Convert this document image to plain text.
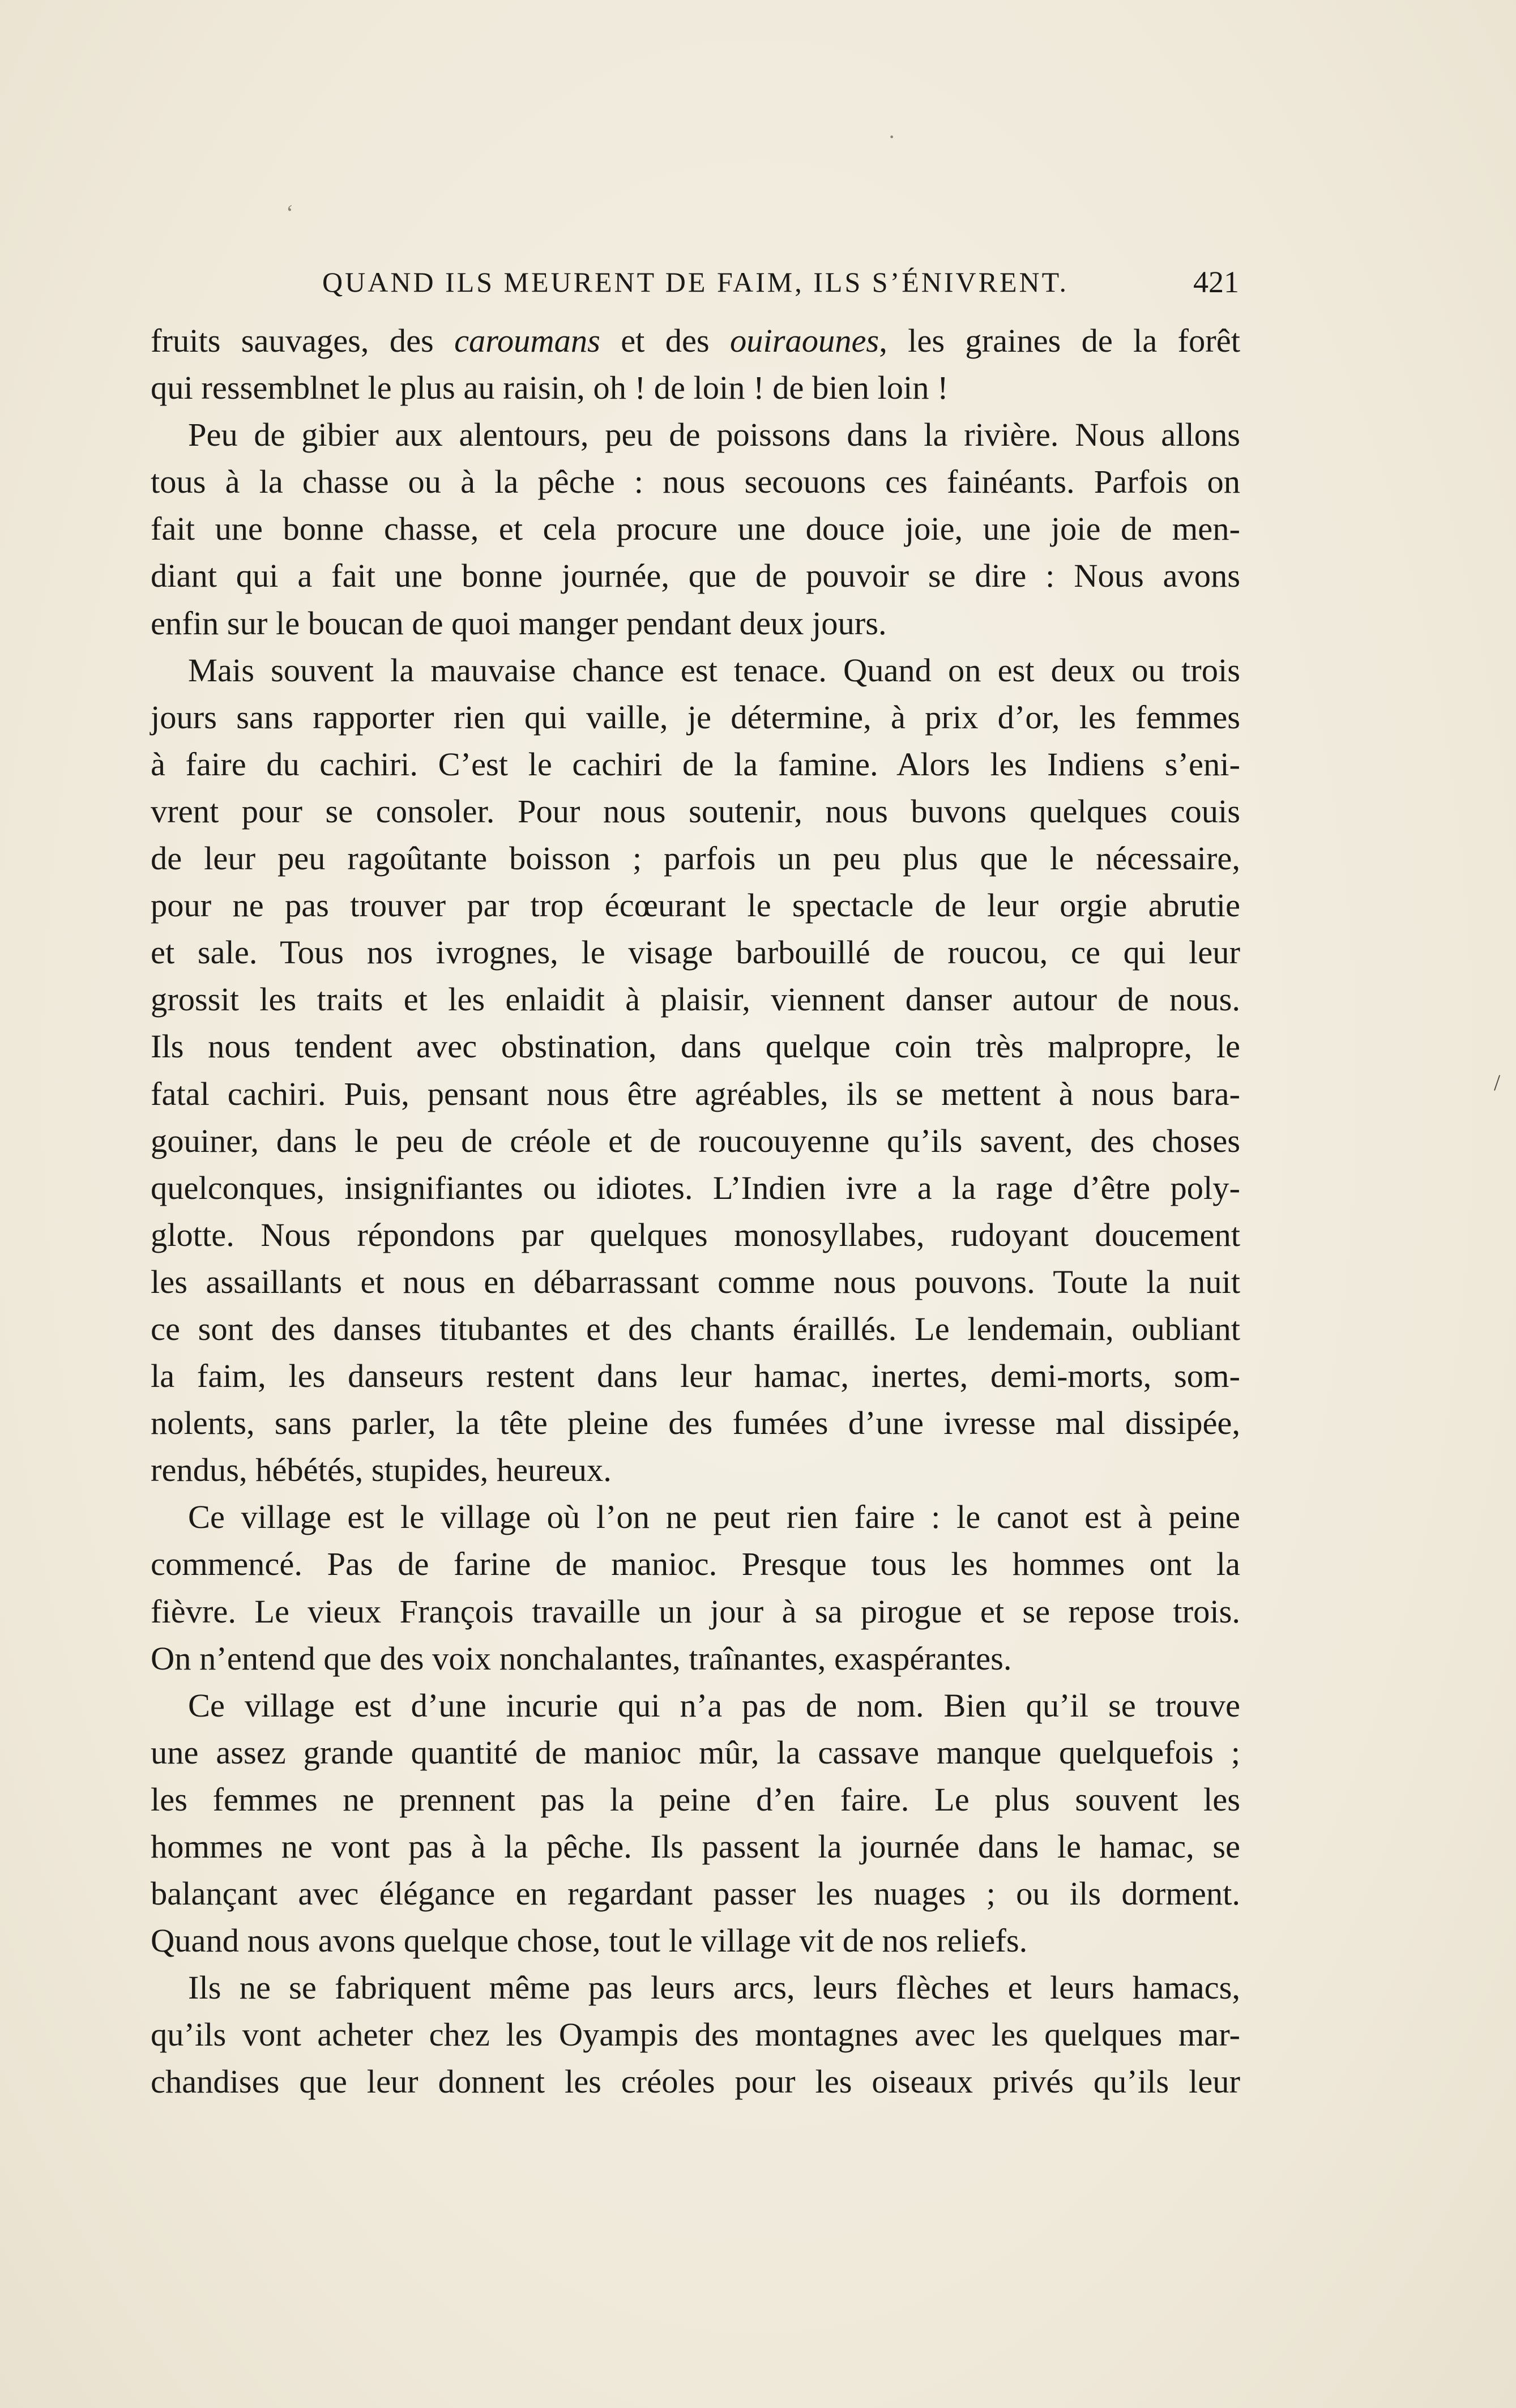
·
‘
/
QUAND ILS MEURENT DE FAIM, ILS S’ÉNIVRENT.	421

fruits sauvages, des caroumans et des ouiraounes, les graines de la forêt

qui ressemblnet le plus au raisin, oh ! de loin ! de bien loin !

Peu de gibier aux alentours, peu de poissons dans la rivière. Nous allons
tous à la chasse ou à la pêche : nous secouons ces fainéants. Parfois on
fait une bonne chasse, et cela procure une douce joie, une joie de men-
diant qui a fait une bonne journée, que de pouvoir se dire : Nous avons

enfin sur le boucan de quoi manger pendant deux jours.

Mais souvent la mauvaise chance est tenace. Quand on est deux ou trois
jours sans rapporter rien qui vaille, je détermine, à prix d’or, les femmes
à faire du cachiri. C’est le cachiri de la famine. Alors les Indiens s’eni-
vrent pour se consoler. Pour nous soutenir, nous buvons quelques couis
de leur peu ragoûtante boisson ; parfois un peu plus que le nécessaire,
pour ne pas trouver par trop écœurant le spectacle de leur orgie abrutie
et sale. Tous nos ivrognes, le visage barbouillé de roucou, ce qui leur
grossit les traits et les enlaidit à plaisir, viennent danser autour de nous.
Ils nous tendent avec obstination, dans quelque coin très malpropre, le
fatal cachiri. Puis, pensant nous être agréables, ils se mettent à nous bara-
gouiner, dans le peu de créole et de roucouyenne qu’ils savent, des choses
quelconques, insignifiantes ou idiotes. L’Indien ivre a la rage d’être poly-
glotte. Nous répondons par quelques monosyllabes, rudoyant doucement
les assaillants et nous en débarrassant comme nous pouvons. Toute la nuit
ce sont des danses titubantes et des chants éraillés. Le lendemain, oubliant
la faim, les danseurs restent dans leur hamac, inertes, demi-morts, som-
nolents, sans parler, la tête pleine des fumées d’une ivresse mal dissipée,

rendus, hébétés, stupides, heureux.

Ce village est le village où l’on ne peut rien faire : le canot est à peine
commencé. Pas de farine de manioc. Presque tous les hommes ont la
fièvre. Le vieux François travaille un jour à sa pirogue et se repose trois.

On n’entend que des voix nonchalantes, traînantes, exaspérantes.

Ce village est d’une incurie qui n’a pas de nom. Bien qu’il se trouve
une assez grande quantité de manioc mûr, la cassave manque quelquefois ;
les femmes ne prennent pas la peine d’en faire. Le plus souvent les
hommes ne vont pas à la pêche. Ils passent la journée dans le hamac, se
balançant avec élégance en regardant passer les nuages ; ou ils dorment.

Quand nous avons quelque chose, tout le village vit de nos reliefs.

Ils ne se fabriquent même pas leurs arcs, leurs flèches et leurs hamacs,
qu’ils vont acheter chez les Oyampis des montagnes avec les quelques mar-
chandises que leur donnent les créoles pour les oiseaux privés qu’ils leur
